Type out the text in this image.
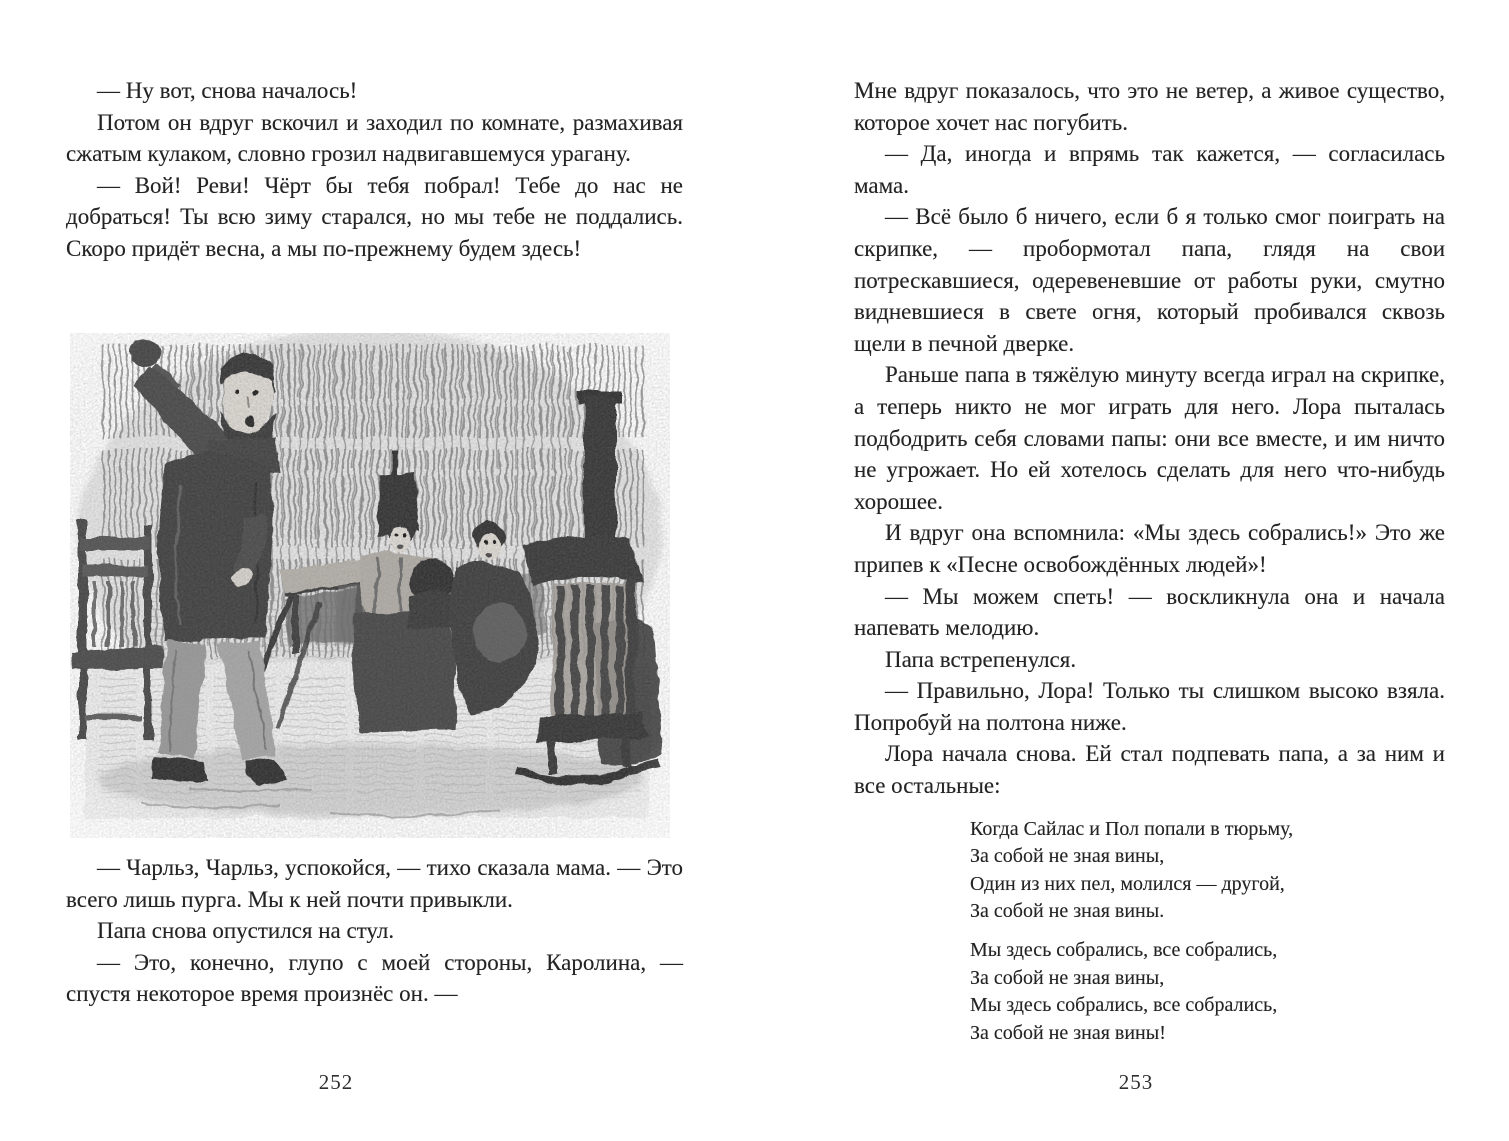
— Ну вот, снова началось!

Потом он вдруг вскочил и заходил по комнате, размахивая сжатым кулаком, словно грозил надвигавшемуся урагану.

— Вой! Реви! Чёрт бы тебя побрал! Тебе до нас не добраться! Ты всю зиму старался, но мы тебе не поддались. Скоро придёт весна, а мы по-прежнему будем здесь!

— Чарльз, Чарльз, успокойся, — тихо сказала мама. — Это всего лишь пурга. Мы к ней почти привыкли.

Папа снова опустился на стул.

— Это, конечно, глупо с моей стороны, Каролина, — спустя некоторое время произнёс он. —

Мне вдруг показалось, что это не ветер, а живое существо, которое хочет нас погубить.

— Да, иногда и впрямь так кажется, — согласилась мама.

— Всё было б ничего, если б я только смог поиграть на скрипке, — пробормотал папа, глядя на свои потрескавшиеся, одеревеневшие от работы руки, смутно видневшиеся в свете огня, который пробивался сквозь щели в печной дверке.

Раньше папа в тяжёлую минуту всегда играл на скрипке, а теперь никто не мог играть для него. Лора пыталась подбодрить себя словами папы: они все вместе, и им ничто не угрожает. Но ей хотелось сделать для него что-нибудь хорошее.

И вдруг она вспомнила: «Мы здесь собрались!» Это же припев к «Песне освобождённых людей»!

— Мы можем спеть! — воскликнула она и начала напевать мелодию.

Папа встрепенулся.

— Правильно, Лора! Только ты слишком высоко взяла. Попробуй на полтона ниже.

Лора начала снова. Ей стал подпевать папа, а за ним и все остальные:

Когда Сайлас и Пол попали в тюрьму,
За собой не зная вины,
Один из них пел, молился — другой,
За собой не зная вины.
Мы здесь собрались, все собрались,
За собой не зная вины,
Мы здесь собрались, все собрались,
За собой не зная вины!
252	253
